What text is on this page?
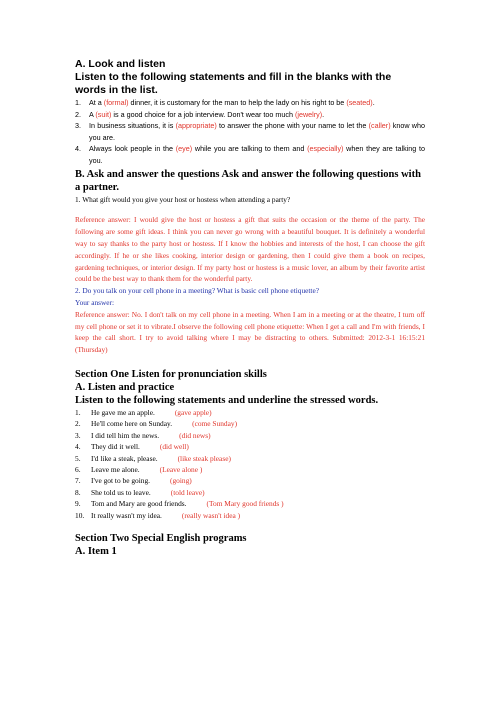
A. Look and listen
Listen to the following statements and fill in the blanks with the words in the list.
1. At a (formal) dinner, it is customary for the man to help the lady on his right to be (seated).
2. A (suit) is a good choice for a job interview. Don't wear too much (jewelry).
3. In business situations, it is (appropriate) to answer the phone with your name to let the (caller) know who you are.
4. Always look people in the (eye) while you are talking to them and (especially) when they are talking to you.
B. Ask and answer the questions Ask and answer the following questions with a partner.
1. What gift would you give your host or hostess when attending a party?
Reference answer: I would give the host or hostess a gift that suits the occasion or the theme of the party. The following are some gift ideas. I think you can never go wrong with a beautiful bouquet. It is definitely a wonderful way to say thanks to the party host or hostess. If I know the hobbies and interests of the host, I can choose the gift accordingly. If he or she likes cooking, interior design or gardening, then I could give them a book on recipes, gardening techniques, or interior design. If my party host or hostess is a music lover, an album by their favorite artist could be the best way to thank them for the wonderful party.
2. Do you talk on your cell phone in a meeting? What is basic cell phone etiquette?
Your answer:
Reference answer: No. I don't talk on my cell phone in a meeting. When I am in a meeting or at the theatre, I turn off my cell phone or set it to vibrate.I observe the following cell phone etiquette: When I get a call and I'm with friends, I keep the call short. I try to avoid talking where I may be distracting to others. Submitted: 2012-3-1 16:15:21 (Thursday)
Section One Listen for pronunciation skills
A. Listen and practice
Listen to the following statements and underline the stressed words.
1. He gave me an apple.	(gave apple)
2. He'll come here on Sunday.	(come Sunday)
3. I did tell him the news.	(did news)
4. They did it well.	(did well)
5. I'd like a steak, please.	(like steak please)
6. Leave me alone.	(Leave alone )
7. I've got to be going.	(going)
8. She told us to leave.	(told leave)
9. Tom and Mary are good friends.	(Tom Mary good friends )
10. It really wasn't my idea.	(really wasn't idea )
Section Two Special English programs
A. Item 1
